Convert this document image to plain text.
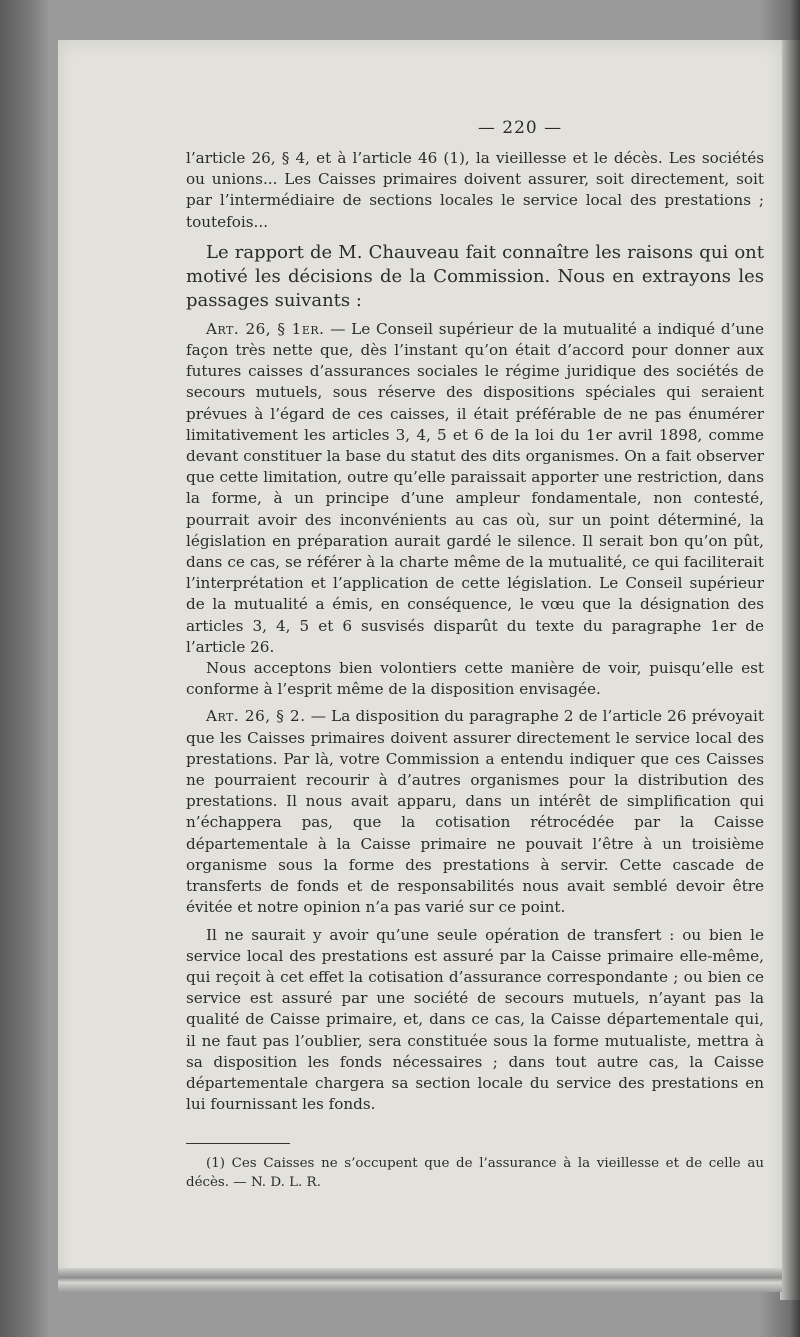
— 220 —

l’article 26, § 4, et à l’article 46 (1), la vieillesse et le décès. Les sociétés ou unions... Les Caisses primaires doivent assurer, soit directement, soit par l’intermédiaire de sections locales le service local des prestations ; toutefois...

Le rapport de M. Chauveau fait connaître les raisons qui ont motivé les décisions de la Commission. Nous en extrayons les passages suivants :

Art. 26, § 1er. — Le Conseil supérieur de la mutualité a indiqué d’une façon très nette que, dès l’instant qu’on était d’accord pour donner aux futures caisses d’assurances sociales le régime juridique des sociétés de secours mutuels, sous réserve des dispositions spéciales qui seraient prévues à l’égard de ces caisses, il était préférable de ne pas énumérer limitativement les articles 3, 4, 5 et 6 de la loi du 1er avril 1898, comme devant constituer la base du statut des dits organismes. On a fait observer que cette limitation, outre qu’elle paraissait apporter une restriction, dans la forme, à un principe d’une ampleur fondamentale, non contesté, pourrait avoir des inconvénients au cas où, sur un point déterminé, la législation en préparation aurait gardé le silence. Il serait bon qu’on pût, dans ce cas, se référer à la charte même de la mutualité, ce qui faciliterait l’interprétation et l’application de cette législation. Le Conseil supérieur de la mutualité a émis, en conséquence, le vœu que la désignation des articles 3, 4, 5 et 6 susvisés disparût du texte du paragraphe 1er de l’article 26.

Nous acceptons bien volontiers cette manière de voir, puisqu’elle est conforme à l’esprit même de la disposition envisagée.

Art. 26, § 2. — La disposition du paragraphe 2 de l’article 26 prévoyait que les Caisses primaires doivent assurer directement le service local des prestations. Par là, votre Commission a entendu indiquer que ces Caisses ne pourraient recourir à d’autres organismes pour la distribution des prestations. Il nous avait apparu, dans un intérêt de simplification qui n’échappera pas, que la cotisation rétrocédée par la Caisse départementale à la Caisse primaire ne pouvait l’être à un troisième organisme sous la forme des prestations à servir. Cette cascade de transferts de fonds et de responsabilités nous avait semblé devoir être évitée et notre opinion n’a pas varié sur ce point.

Il ne saurait y avoir qu’une seule opération de transfert : ou bien le service local des prestations est assuré par la Caisse primaire elle-même, qui reçoit à cet effet la cotisation d’assurance correspondante ; ou bien ce service est assuré par une société de secours mutuels, n’ayant pas la qualité de Caisse primaire, et, dans ce cas, la Caisse départementale qui, il ne faut pas l’oublier, sera constituée sous la forme mutualiste, mettra à sa disposition les fonds nécessaires ; dans tout autre cas, la Caisse départementale chargera sa section locale du service des prestations en lui fournissant les fonds.

(1) Ces Caisses ne s’occupent que de l’assurance à la vieillesse et de celle au décès. — N. D. L. R.
